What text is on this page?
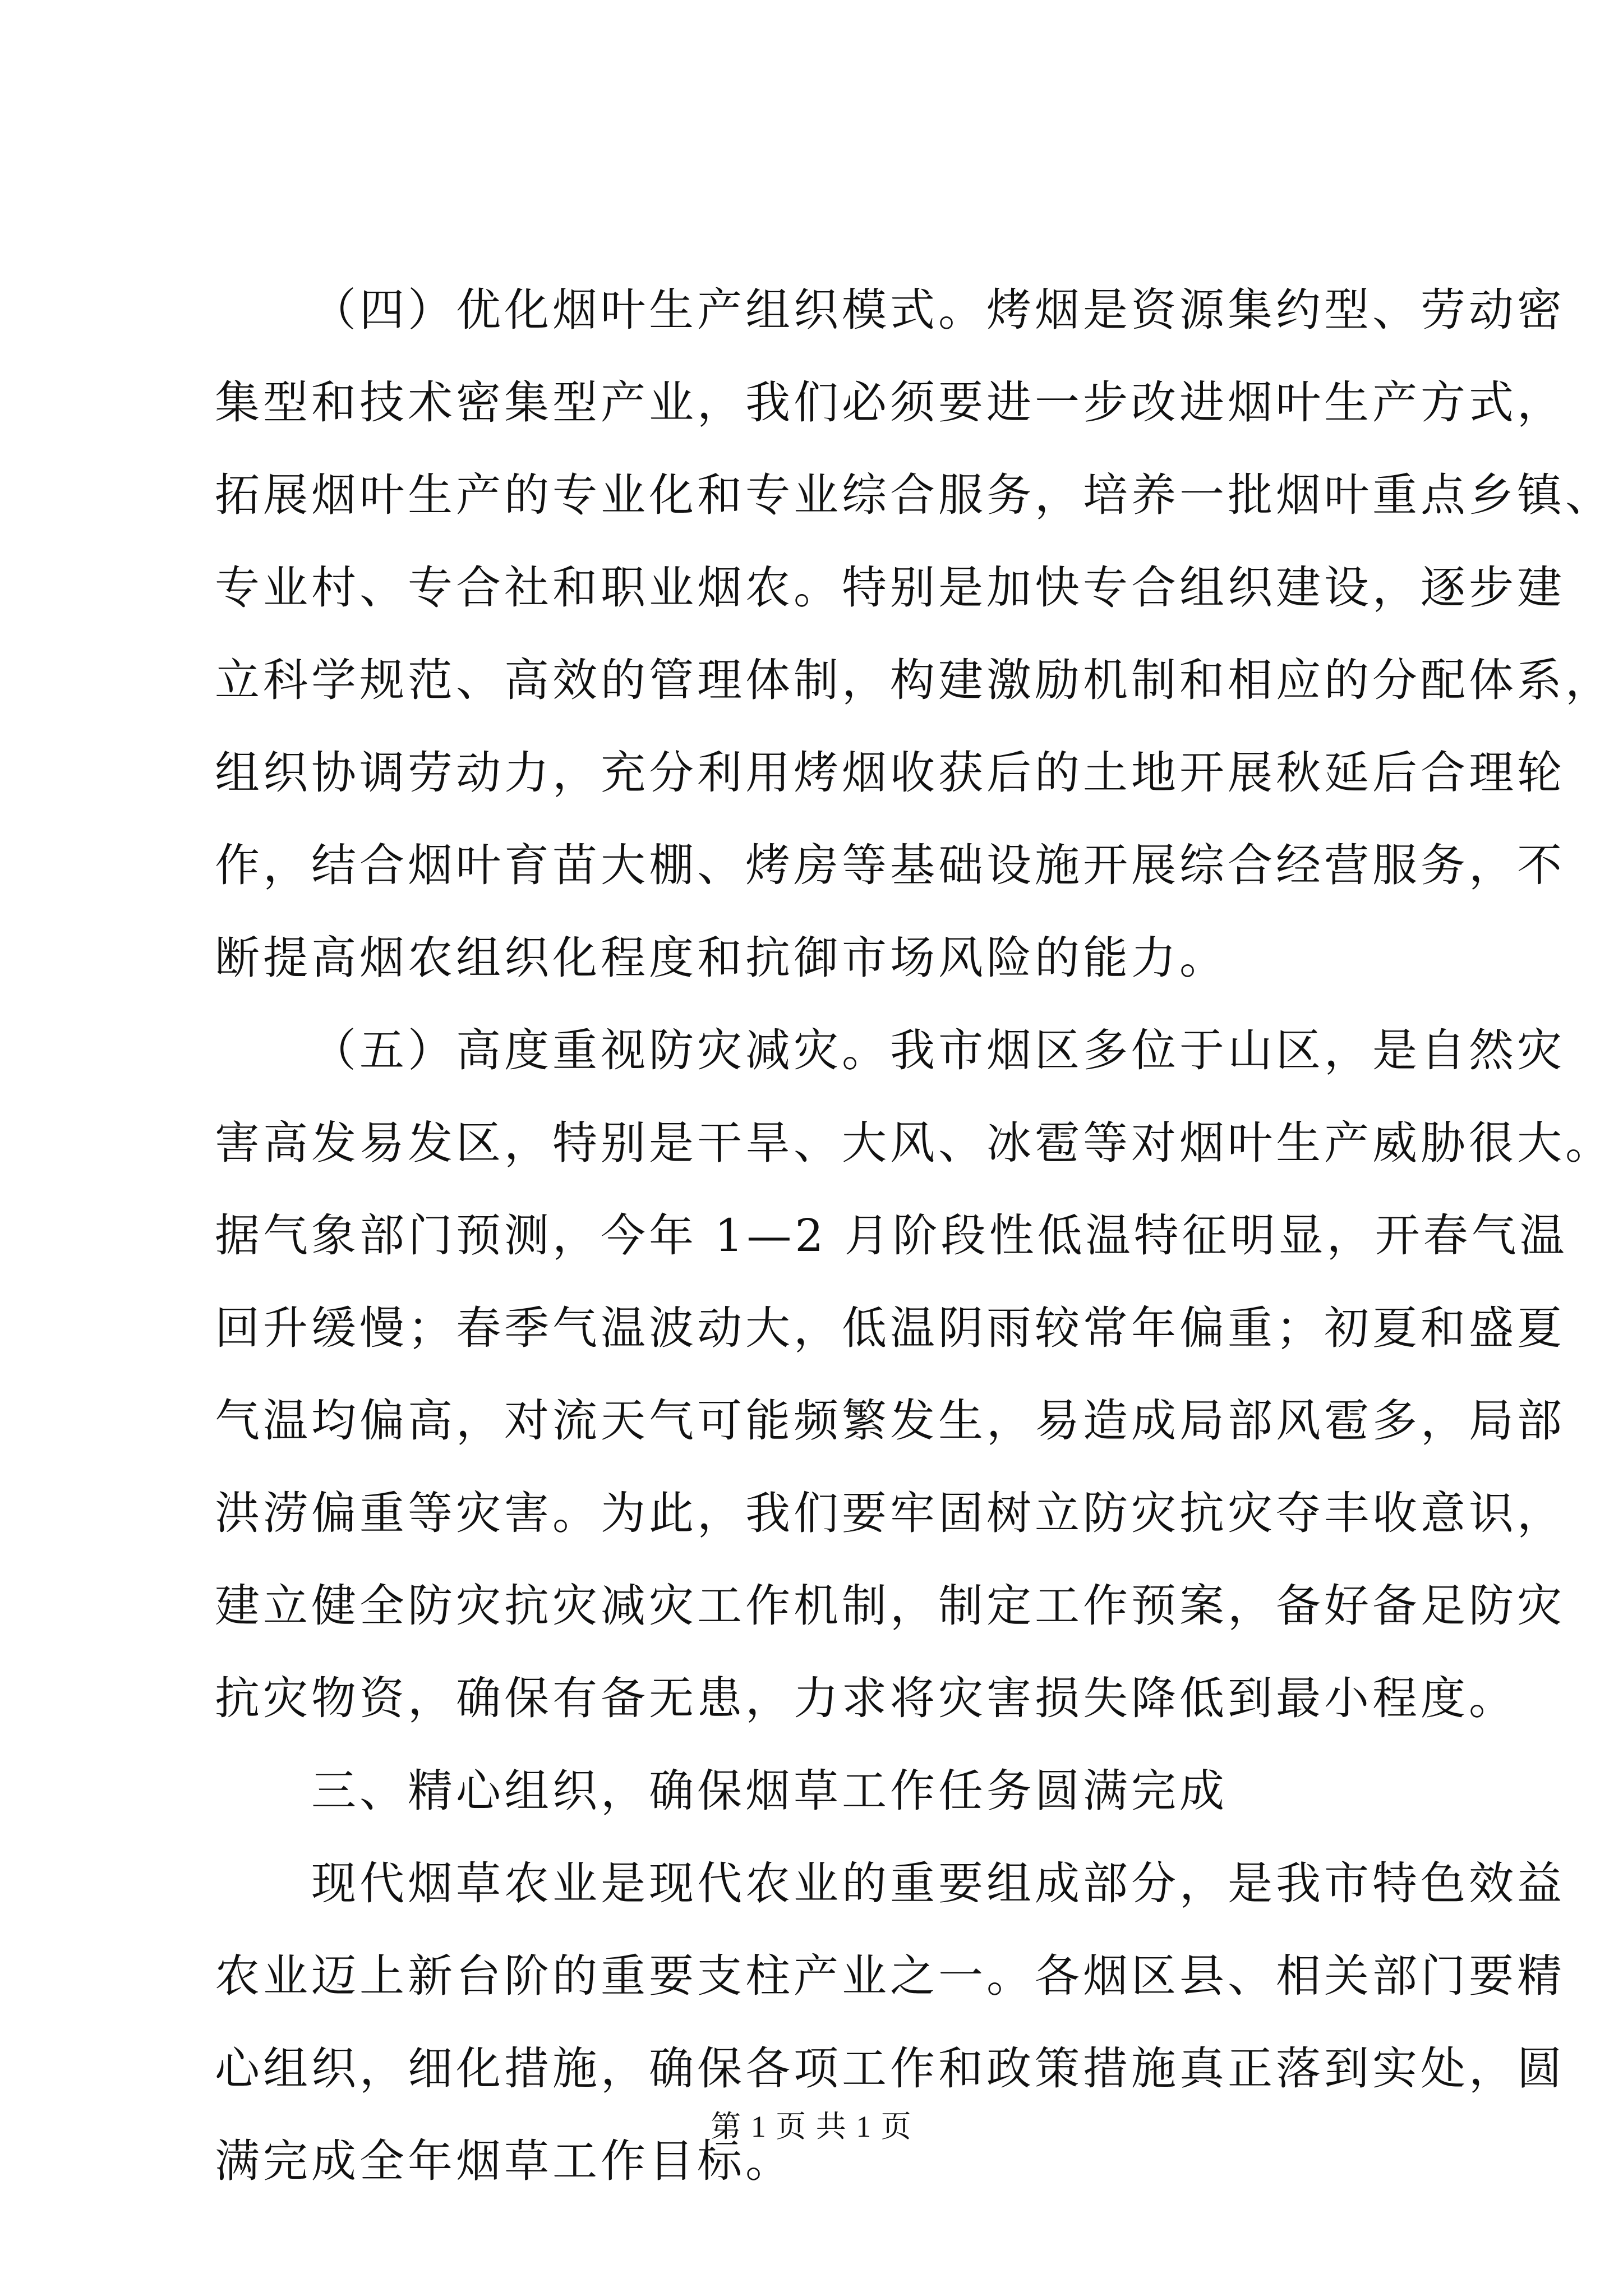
（四）优化烟叶生产组织模式。烤烟是资源集约型、劳动密
集型和技术密集型产业，我们必须要进一步改进烟叶生产方式，
拓展烟叶生产的专业化和专业综合服务，培养一批烟叶重点乡镇、
专业村、专合社和职业烟农。特别是加快专合组织建设，逐步建
立科学规范、高效的管理体制，构建激励机制和相应的分配体系，
组织协调劳动力，充分利用烤烟收获后的土地开展秋延后合理轮
作，结合烟叶育苗大棚、烤房等基础设施开展综合经营服务，不
断提高烟农组织化程度和抗御市场风险的能力。
（五）高度重视防灾减灾。我市烟区多位于山区，是自然灾
害高发易发区，特别是干旱、大风、冰雹等对烟叶生产威胁很大。
据气象部门预测，今年 1—2 月阶段性低温特征明显，开春气温
回升缓慢；春季气温波动大，低温阴雨较常年偏重；初夏和盛夏
气温均偏高，对流天气可能频繁发生，易造成局部风雹多，局部
洪涝偏重等灾害。为此，我们要牢固树立防灾抗灾夺丰收意识，
建立健全防灾抗灾减灾工作机制，制定工作预案，备好备足防灾
抗灾物资，确保有备无患，力求将灾害损失降低到最小程度。
三、精心组织，确保烟草工作任务圆满完成
现代烟草农业是现代农业的重要组成部分，是我市特色效益
农业迈上新台阶的重要支柱产业之一。各烟区县、相关部门要精
心组织，细化措施，确保各项工作和政策措施真正落到实处，圆
满完成全年烟草工作目标。
第 1 页 共 1 页
